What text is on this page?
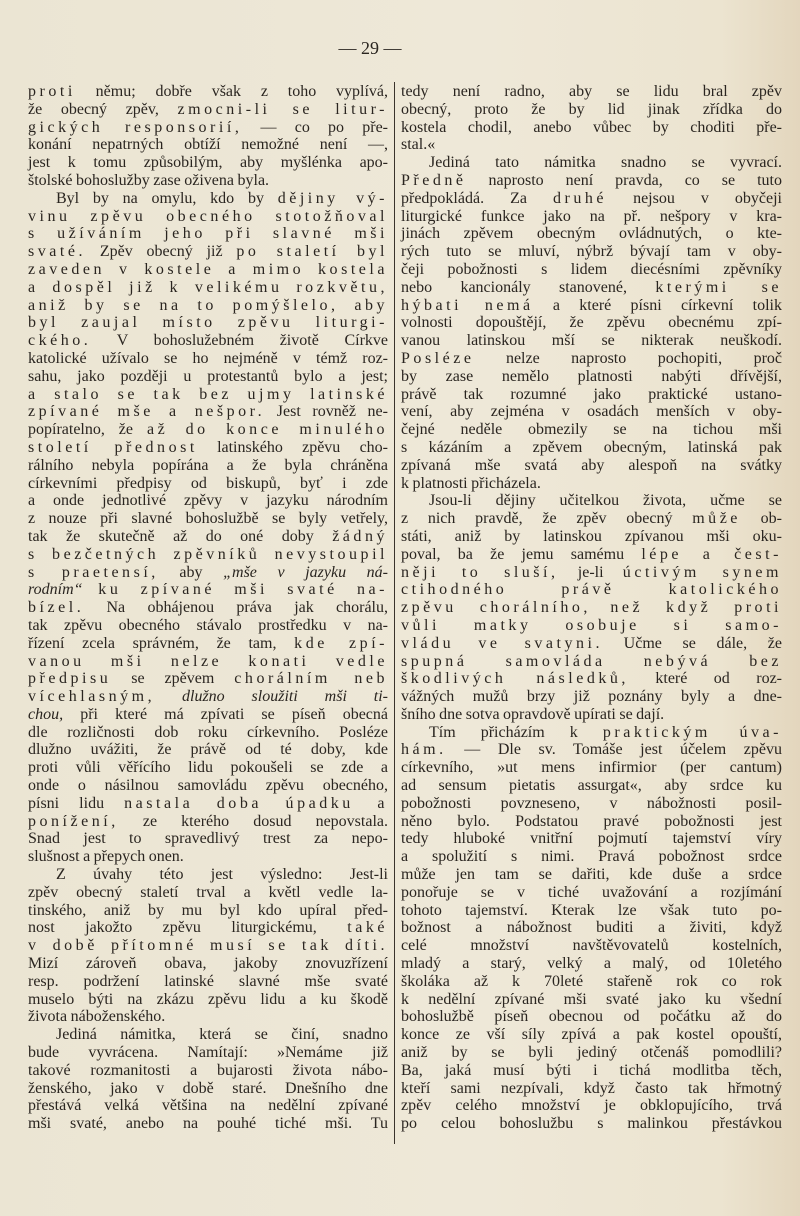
— 29 —
proti němu; dobře však z toho vyplívá,
že obecný zpěv, zmocni-li se litur-
gických responsorií, — co po pře-
konání nepatrných obtíží nemožné není —,
jest k tomu způsobilým, aby myšlénka apo-
štolské bohoslužby zase oživena byla.
Byl by na omylu, kdo by dějiny vý-
vinu zpěvu obecného stotožňoval
s užíváním jeho při slavné mši
svaté. Zpěv obecný již po staletí byl
zaveden v kostele a mimo kostela
a dospěl již k velikému rozkvětu,
aniž by se na to pomýšlelo, aby
byl zaujal místo zpěvu liturgi-
ckého. V bohoslužebném životě Církve
katolické užívalo se ho nejméně v témž roz-
sahu, jako později u protestantů bylo a jest;
a stalo se tak bez ujmy latinské
zpívané mše a nešpor. Jest rovněž ne-
popíratelno, že až do konce minulého
století přednost latinského zpěvu cho-
rálního nebyla popírána a že byla chráněna
církevními předpisy od biskupů, byť i zde
a onde jednotlivé zpěvy v jazyku národním
z nouze při slavné bohoslužbě se byly vetřely,
tak že skutečně až do oné doby žádný
s bezčetných zpěvníků nevystoupil
s praetensí, aby „mše v jazyku ná-
rodním“ ku zpívané mši svaté na-
bízel. Na obhájenou práva jak chorálu,
tak zpěvu obecného stávalo prostředku v na-
řízení zcela správném, že tam, kde zpí-
vanou mši nelze konati vedle
předpisu se zpěvem chorálním neb
vícehlasným, dlužno sloužiti mši ti-
chou, při které má zpívati se píseň obecná
dle rozličnosti dob roku církevního. Posléze
dlužno uvážiti, že právě od té doby, kde
proti vůli věřícího lidu pokoušeli se zde a
onde o násilnou samovládu zpěvu obecného,
písni lidu nastala doba úpadku a
ponížení, ze kterého dosud nepovstala.
Snad jest to spravedlivý trest za nepo-
slušnost a přepych onen.
Z úvahy této jest výsledno: Jest-li
zpěv obecný staletí trval a květl vedle la-
tinského, aniž by mu byl kdo upíral před-
nost jakožto zpěvu liturgickému, také
v době přítomné musí se tak díti.
Mizí zároveň obava, jakoby znovuzřízení
resp. podržení latinské slavné mše svaté
muselo býti na zkázu zpěvu lidu a ku škodě
života náboženského.
Jediná námitka, která se činí, snadno
bude vyvrácena. Namítají: »Nemáme již
takové rozmanitosti a bujarosti života nábo-
ženského, jako v době staré. Dnešního dne
přestává velká většina na nedělní zpívané
mši svaté, anebo na pouhé tiché mši. Tu
tedy není radno, aby se lidu bral zpěv
obecný, proto že by lid jinak zřídka do
kostela chodil, anebo vůbec by choditi pře-
stal.«
Jediná tato námitka snadno se vyvrací.
Předně naprosto není pravda, co se tuto
předpokládá. Za druhé nejsou v obyčeji
liturgické funkce jako na př. nešpory v kra-
jinách zpěvem obecným ovládnutých, o kte-
rých tuto se mluví, nýbrž bývají tam v oby-
čeji pobožnosti s lidem diecésními zpěvníky
nebo kancionály stanovené, kterými se
hýbati nemá a které písni církevní tolik
volnosti dopouštějí, že zpěvu obecnému zpí-
vanou latinskou mší se nikterak neuškodí.
Posléze nelze naprosto pochopiti, proč
by zase nemělo platnosti nabýti dřívější,
právě tak rozumné jako praktické ustano-
vení, aby zejména v osadách menších v oby-
čejné neděle obmezily se na tichou mši
s kázáním a zpěvem obecným, latinská pak
zpívaná mše svatá aby alespoň na svátky
k platnosti přicházela.
Jsou-li dějiny učitelkou života, učme se
z nich pravdě, že zpěv obecný může ob-
státi, aniž by latinskou zpívanou mši oku-
poval, ba že jemu samému lépe a čest-
něji to sluší, je-li úctivým synem
ctihodného právě katolického
zpěvu chorálního, než když proti
vůli matky osobuje si samo-
vládu ve svatyni. Učme se dále, že
spupná samovláda nebývá bez
škodlivých následků, které od roz-
vážných mužů brzy již poznány byly a dne-
šního dne sotva opravdově upírati se dají.
Tím přicházím k praktickým úva-
hám. — Dle sv. Tomáše jest účelem zpěvu
církevního, »ut mens infirmior (per cantum)
ad sensum pietatis assurgat«, aby srdce ku
pobožnosti povzneseno, v nábožnosti posil-
něno bylo. Podstatou pravé pobožnosti jest
tedy hluboké vnitřní pojmutí tajemství víry
a spolužití s nimi. Pravá pobožnost srdce
může jen tam se dařiti, kde duše a srdce
ponořuje se v tiché uvažování a rozjímání
tohoto tajemství. Kterak lze však tuto po-
božnost a nábožnost buditi a živiti, když
celé množství navštěvovatelů kostelních,
mladý a starý, velký a malý, od 10letého
školáka až k 70leté stařeně rok co rok
k nedělní zpívané mši svaté jako ku všední
bohoslužbě píseň obecnou od počátku až do
konce ze vší síly zpívá a pak kostel opouští,
aniž by se byli jediný otčenáš pomodlili?
Ba, jaká musí býti i tichá modlitba těch,
kteří sami nezpívali, když často tak hřmotný
zpěv celého množství je obklopujícího, trvá
po celou bohoslužbu s malinkou přestávkou
